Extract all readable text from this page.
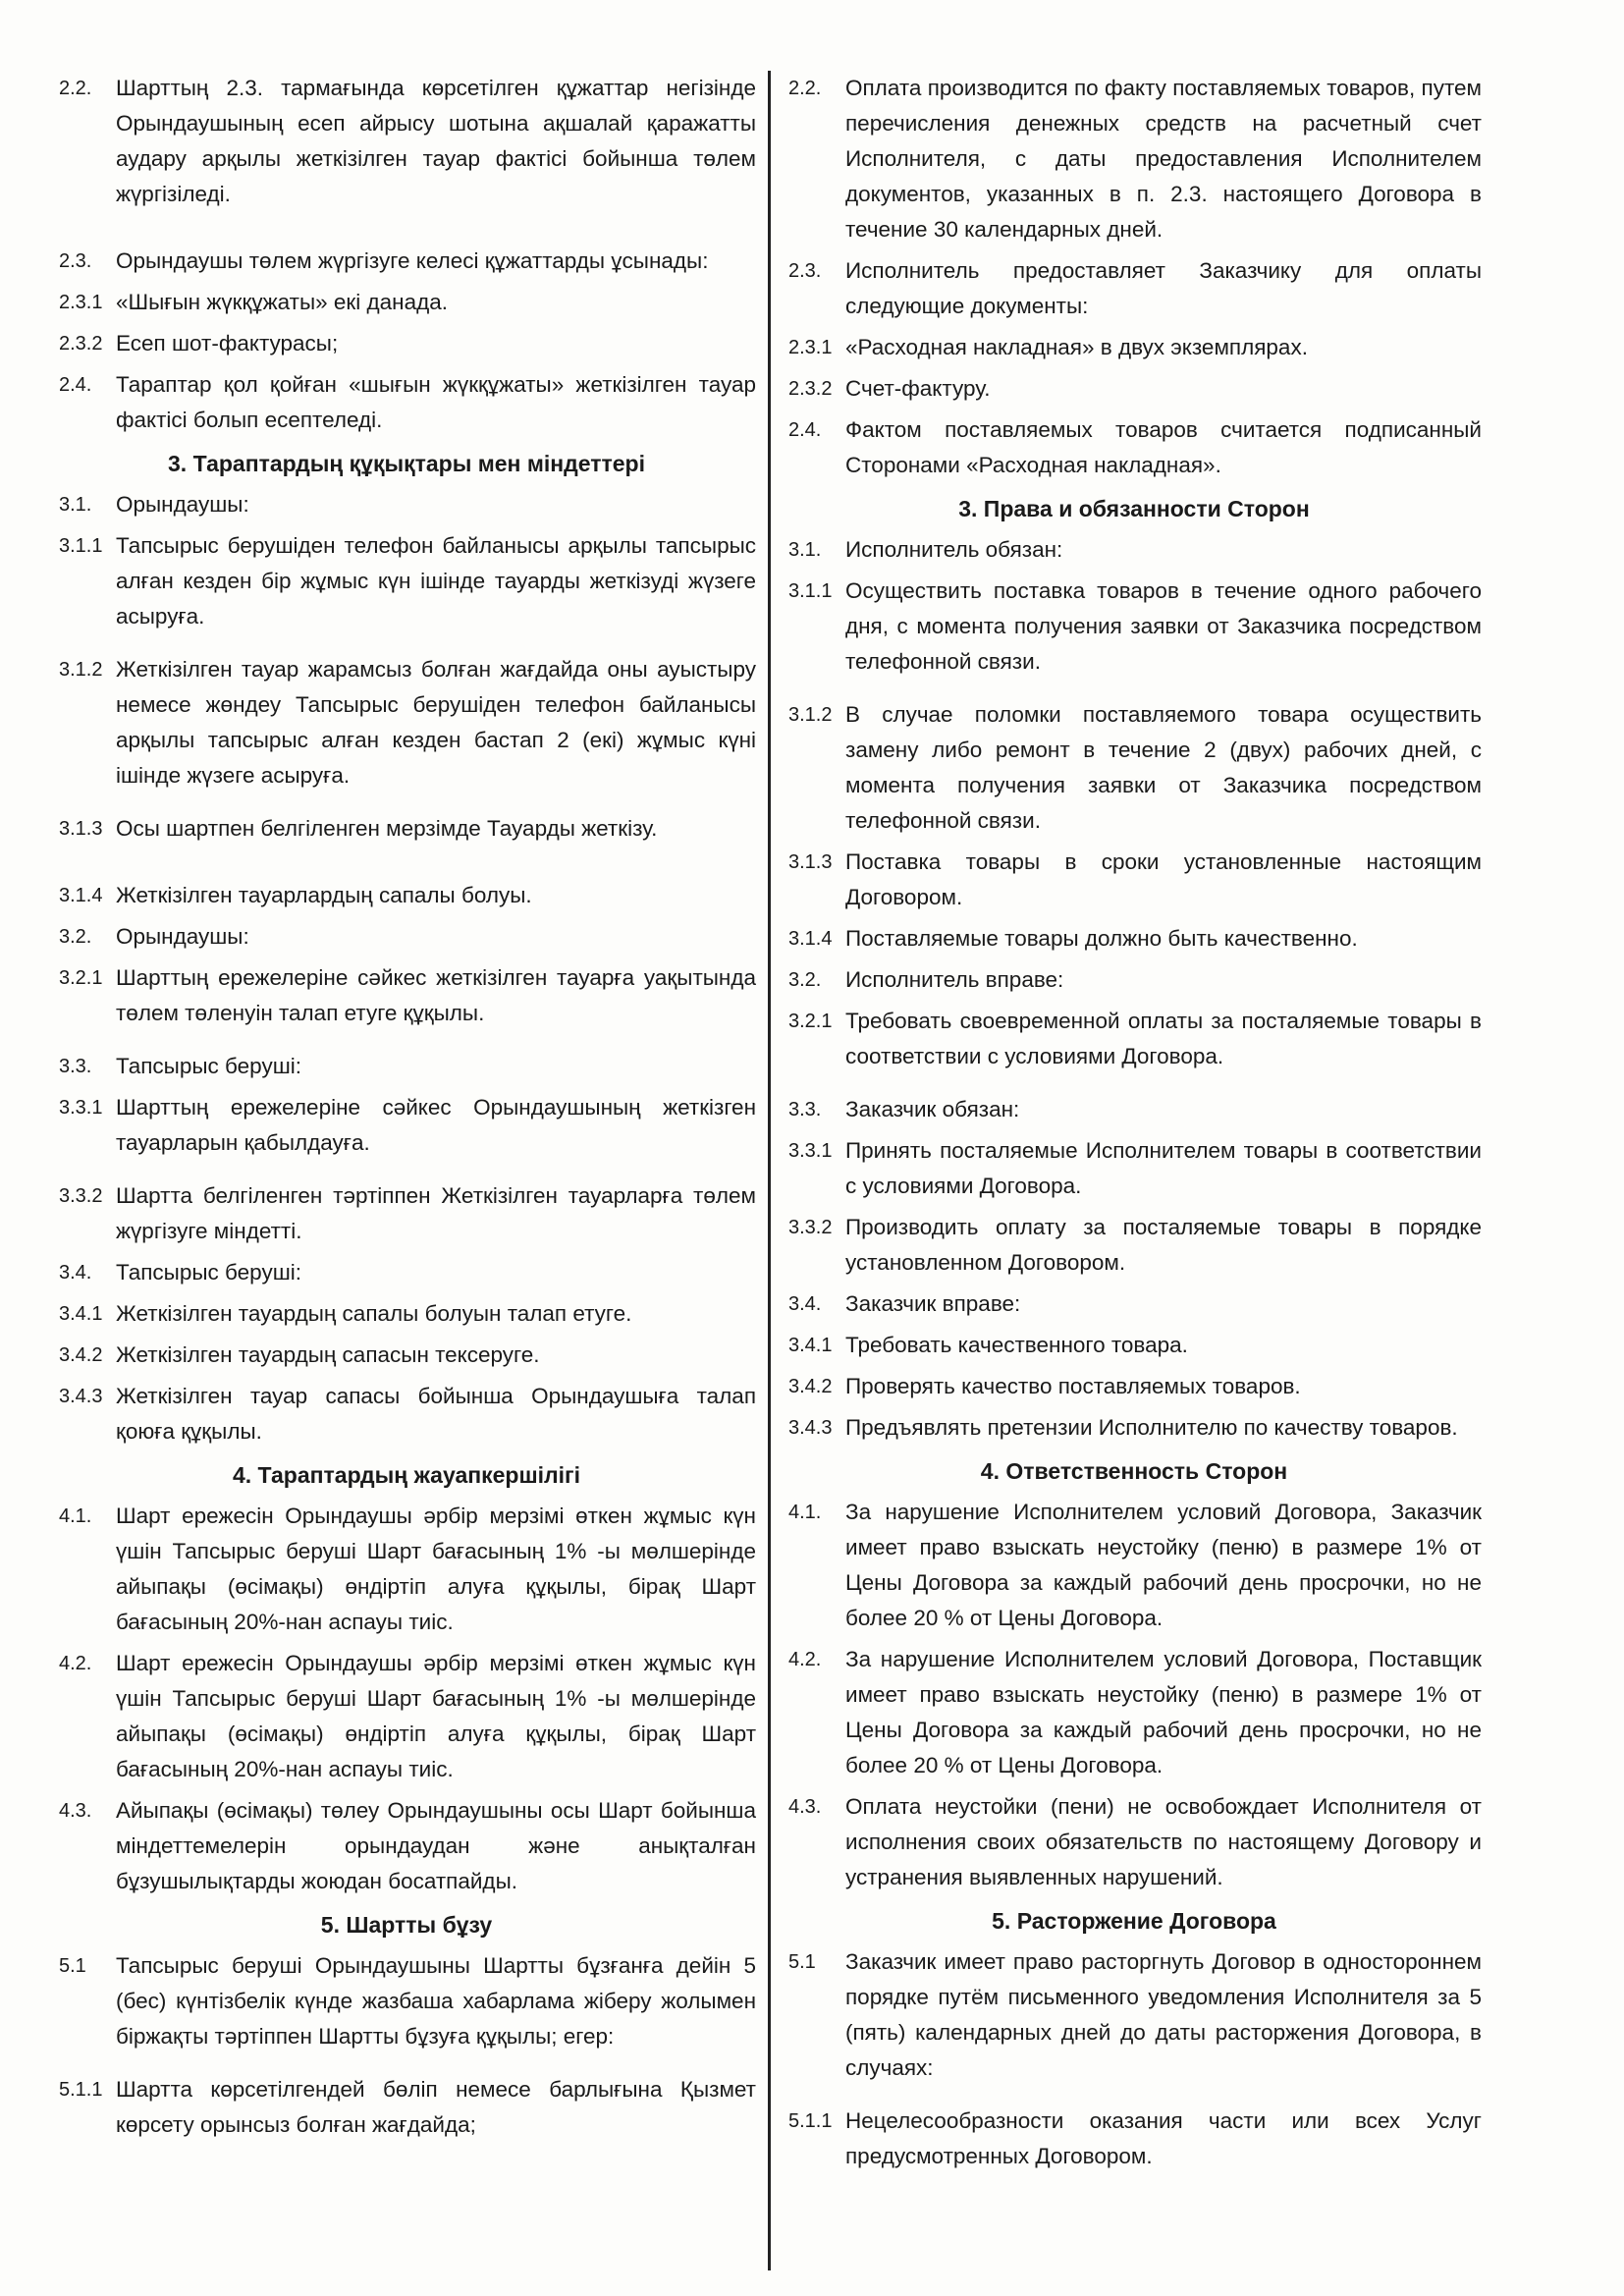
2.2.	Шарттың 2.3. тармағында көрсетілген құжаттар негізінде Орындаушының есеп айрысу шотына ақшалай қаражатты аудару арқылы жеткізілген тауар фактісі бойынша төлем жүргізіледі.
2.3.	Орындаушы төлем жүргізуге келесі құжаттарды ұсынады:
2.3.1 «Шығын жүкқұжаты» екі данада.
2.3.2 Есеп шот-фактурасы;
2.4.	Тараптар қол қойған «шығын жүкқұжаты» жеткізілген тауар фактісі болып есептеледі.
3. Тараптардың құқықтары мен міндеттері
3.1.	Орындаушы:
3.1.1 Тапсырыс берушіден телефон байланысы арқылы тапсырыс алған кезден бір жұмыс күн ішінде тауарды жеткізуді жүзеге асыруға.
3.1.2 Жеткізілген тауар жарамсыз болған жағдайда оны ауыстыру немесе жөндеу Тапсырыс берушіден телефон байланысы арқылы тапсырыс алған кезден бастап 2 (екі) жұмыс күні ішінде жүзеге асыруға.
3.1.3 Осы шартпен белгіленген мерзімде Тауарды жеткізу.
3.1.4 Жеткізілген тауарлардың сапалы болуы.
3.2.	Орындаушы:
3.2.1 Шарттың ережелеріне сәйкес жеткізілген тауарға уақытында төлем төленуін талап етуге құқылы.
3.3.	Тапсырыс беруші:
3.3.1 Шарттың ережелеріне сәйкес Орындаушының жеткізген тауарларын қабылдауға.
3.3.2 Шартта белгіленген тәртіппен Жеткізілген тауарларға төлем жүргізуге міндетті.
3.4.	Тапсырыс беруші:
3.4.1 Жеткізілген тауардың сапалы болуын талап етуге.
3.4.2 Жеткізілген тауардың сапасын тексеруге.
3.4.3 Жеткізілген тауар сапасы бойынша Орындаушыға талап қоюға құқылы.
4. Тараптардың жауапкершілігі
4.1.	Шарт ережесін Орындаушы әрбір мерзімі өткен жұмыс күн үшін Тапсырыс беруші Шарт бағасының 1% -ы мөлшерінде айыпақы (өсімақы) өндіртіп алуға құқылы, бірақ Шарт бағасының 20%-нан аспауы тиіс.
4.2.	Шарт ережесін Орындаушы әрбір мерзімі өткен жұмыс күн үшін Тапсырыс беруші Шарт бағасының 1% -ы мөлшерінде айыпақы (өсімақы) өндіртіп алуға құқылы, бірақ Шарт бағасының 20%-нан аспауы тиіс.
4.3.	Айыпақы (өсімақы) төлеу Орындаушыны осы Шарт бойынша міндеттемелерін орындаудан және анықталған бұзушылықтарды жоюдан босатпайды.
5. Шартты бұзу
5.1	Тапсырыс беруші Орындаушыны Шартты бұзғанға дейін 5 (бес) күнтізбелік күнде жазбаша хабарлама жіберу жолымен біржақты тәртіппен Шартты бұзуға құқылы; егер:
5.1.1 Шартта көрсетілгендей бөліп немесе барлығына Қызмет көрсету орынсыз болған жағдайда;
2.2.	Оплата производится по факту поставляемых товаров, путем перечисления денежных средств на расчетный счет Исполнителя, с даты предоставления Исполнителем документов, указанных в п. 2.3. настоящего Договора в течение 30 календарных дней.
2.3.	Исполнитель предоставляет Заказчику для оплаты следующие документы:
2.3.1 «Расходная накладная» в двух экземплярах.
2.3.2 Счет-фактуру.
2.4.	Фактом поставляемых товаров считается подписанный Сторонами «Расходная накладная».
3. Права и обязанности Сторон
3.1.	Исполнитель обязан:
3.1.1 Осуществить поставка товаров в течение одного рабочего дня, с момента получения заявки от Заказчика посредством телефонной связи.
3.1.2 В случае поломки поставляемого товара осуществить замену либо ремонт в течение 2 (двух) рабочих дней, с момента получения заявки от Заказчика посредством телефонной связи.
3.1.3 Поставка товары в сроки установленные настоящим Договором.
3.1.4 Поставляемые товары должно быть качественно.
3.2.	Исполнитель вправе:
3.2.1 Требовать своевременной оплаты за посталяемые товары в соответствии с условиями Договора.
3.3.	Заказчик обязан:
3.3.1 Принять посталяемые Исполнителем товары в соответствии с условиями Договора.
3.3.2 Производить оплату за посталяемые товары в порядке установленном Договором.
3.4.	Заказчик вправе:
3.4.1 Требовать качественного товара.
3.4.2 Проверять качество поставляемых товаров.
3.4.3 Предъявлять претензии Исполнителю по качеству товаров.
4. Ответственность Сторон
4.1.	За нарушение Исполнителем условий Договора, Заказчик имеет право взыскать неустойку (пеню) в размере 1% от Цены Договора за каждый рабочий день просрочки, но не более 20 % от Цены Договора.
4.2.	За нарушение Исполнителем условий Договора, Поставщик имеет право взыскать неустойку (пеню) в размере 1% от Цены Договора за каждый рабочий день просрочки, но не более 20 % от Цены Договора.
4.3.	Оплата неустойки (пени) не освобождает Исполнителя от исполнения своих обязательств по настоящему Договору и устранения выявленных нарушений.
5. Расторжение Договора
5.1	Заказчик имеет право расторгнуть Договор в одностороннем порядке путём письменного уведомления Исполнителя за 5 (пять) календарных дней до даты расторжения Договора, в случаях:
5.1.1 Нецелесообразности оказания части или всех Услуг предусмотренных Договором.
